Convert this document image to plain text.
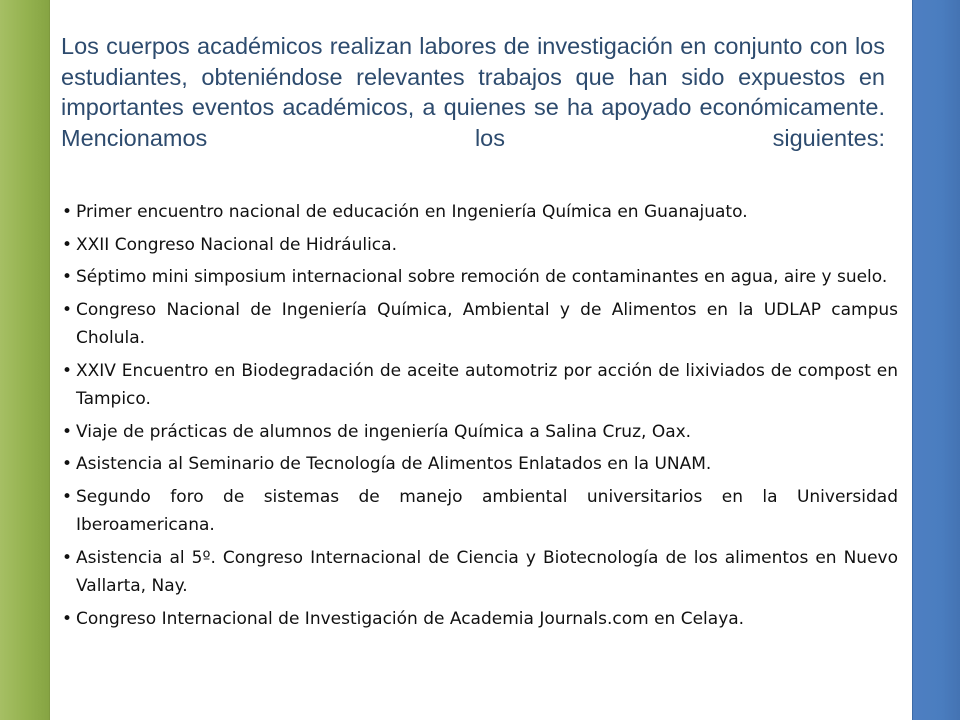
Los cuerpos académicos realizan labores de investigación en conjunto con los estudiantes, obteniéndose relevantes trabajos que han sido expuestos en importantes eventos académicos, a quienes se ha apoyado económicamente. Mencionamos los siguientes:

• Primer encuentro nacional de educación en Ingeniería Química en Guanajuato.
• XXII Congreso Nacional de Hidráulica.
• Séptimo mini simposium internacional sobre remoción de contaminantes en agua, aire y suelo.
• Congreso Nacional de Ingeniería Química, Ambiental y de Alimentos en la UDLAP campus Cholula.
• XXIV Encuentro en Biodegradación de aceite automotriz por acción de lixiviados de compost en Tampico.
• Viaje de prácticas de alumnos de ingeniería Química a Salina Cruz, Oax.
• Asistencia al Seminario de Tecnología de Alimentos Enlatados en la UNAM.
• Segundo foro de sistemas de manejo ambiental universitarios en la Universidad Iberoamericana.
• Asistencia al 5º. Congreso Internacional de Ciencia y Biotecnología de los alimentos en Nuevo Vallarta, Nay.
• Congreso Internacional de Investigación de Academia Journals.com en Celaya.
